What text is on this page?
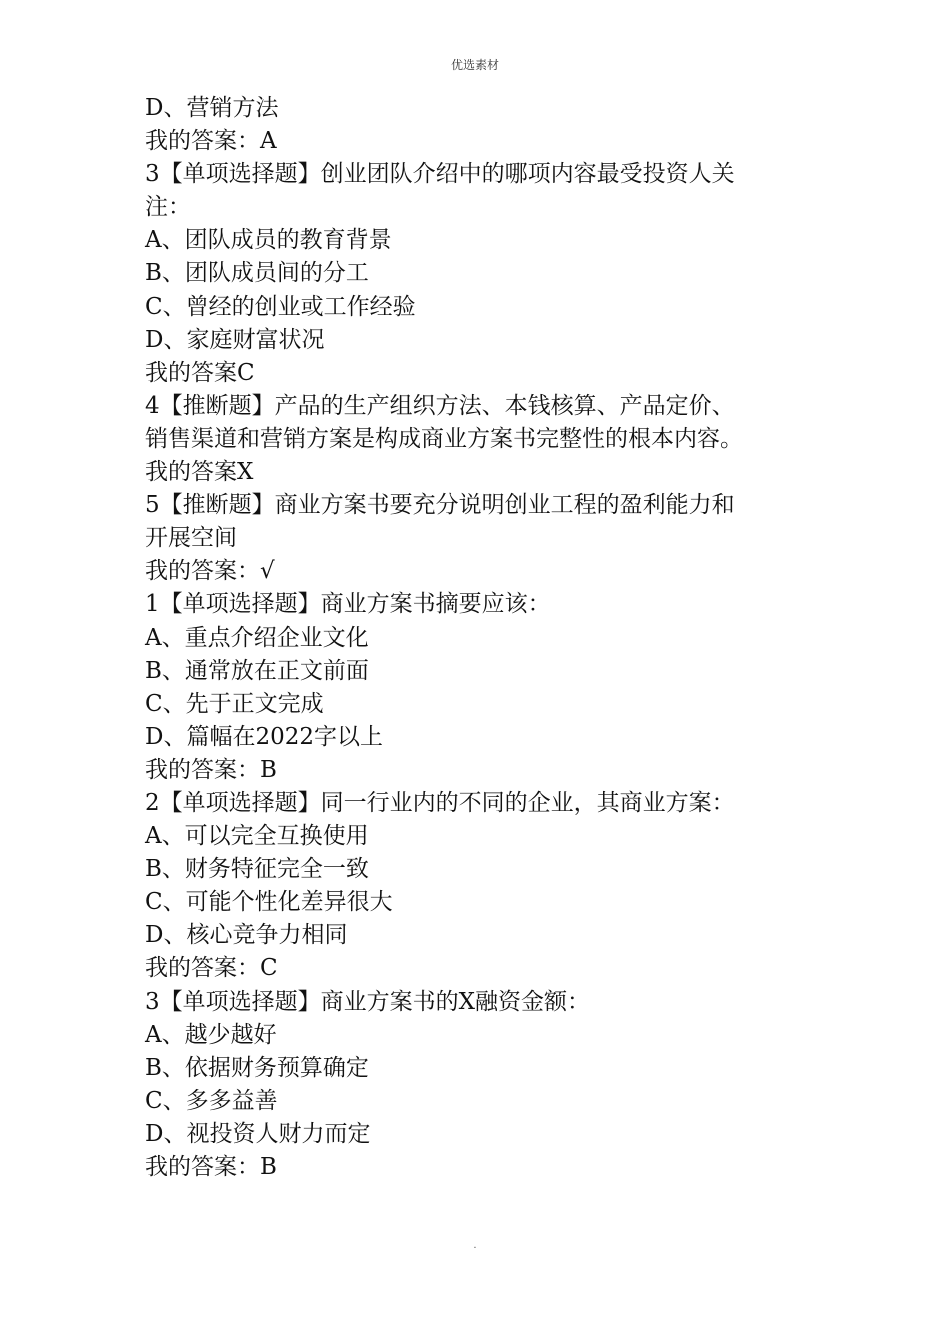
优选素材
D、营销方法
我的答案：A
3【单项选择题】创业团队介绍中的哪项内容最受投资人关
注：
A、团队成员的教育背景
B、团队成员间的分工
C、曾经的创业或工作经验
D、家庭财富状况
我的答案C
4【推断题】产品的生产组织方法、本钱核算、产品定价、
销售渠道和营销方案是构成商业方案书完整性的根本内容。
我的答案X
5【推断题】商业方案书要充分说明创业工程的盈利能力和
开展空间
我的答案：√
1【单项选择题】商业方案书摘要应该：
A、重点介绍企业文化
B、通常放在正文前面
C、先于正文完成
D、篇幅在2022字以上
我的答案：B
2【单项选择题】同一行业内的不同的企业，其商业方案：
A、可以完全互换使用
B、财务特征完全一致
C、可能个性化差异很大
D、核心竞争力相同
我的答案：C
3【单项选择题】商业方案书的X融资金额：
A、越少越好
B、依据财务预算确定
C、多多益善
D、视投资人财力而定
我的答案：B
.
